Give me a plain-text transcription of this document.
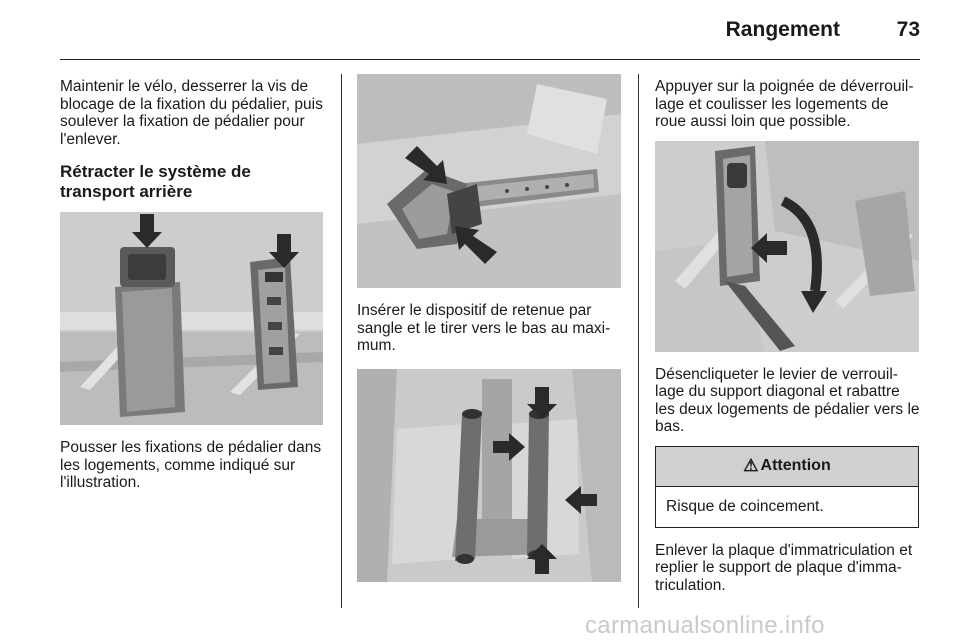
Rangement	73

Maintenir le vélo, desserrer la vis de blocage de la fixation du pédalier, puis soulever la fixation de pédalier pour l'enlever.

Rétracter le système de transport arrière

Pousser les fixations de pédalier dans les logements, comme indiqué sur l'illustration.

Insérer le dispositif de retenue par sangle et le tirer vers le bas au maxi-mum.

Appuyer sur la poignée de déverrouil-lage et coulisser les logements de roue aussi loin que possible.

Désencliqueter le levier de verrouil-lage du support diagonal et rabattre les deux logements de pédalier vers le bas.

⚠ Attention
Risque de coincement.

Enlever la plaque d'immatriculation et replier le support de plaque d'imma-triculation.

carmanualsonline.info
